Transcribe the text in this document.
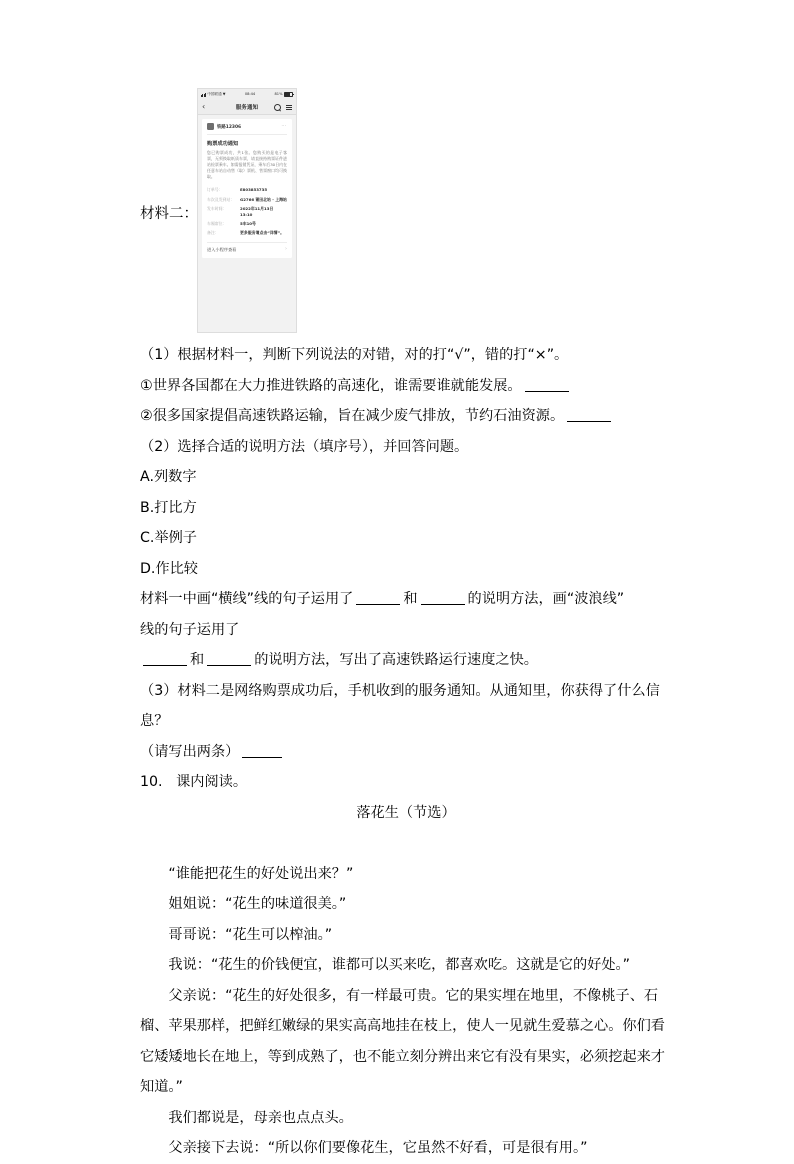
中国联通 ▼	08:44	81%
‹	服务通知
铁路12306	⋯
购票成功通知

您已购票成功，共1张。您购买的是电子客票，无须换取纸质车票，请直接持购票证件进站检票乘车。如需报销凭证，乘车后30日内在任意车站自动售（取）票机、售票窗口均可换取。

订单号：	E803853735
车次及发到站：	G2766 莆田北站 - 上海站
发车时间：	2022年11月13日 13:10
车厢席位：	5车10号
备注：	更多服务请点击“详情”。
进入小程序查看	›
材料二：

（1）根据材料一，判断下列说法的对错，对的打“√”，错的打“×”。

①世界各国都在大力推进铁路的高速化，谁需要谁就能发展。

②很多国家提倡高速铁路运输，旨在减少废气排放，节约石油资源。

（2）选择合适的说明方法（填序号），并回答问题。

A.列数字

B.打比方

C.举例子

D.作比较

材料一中画“横线”线的句子运用了	和	的说明方法，画“波浪线”

线的句子运用了

和	的说明方法，写出了高速铁路运行速度之快。

（3）材料二是网络购票成功后，手机收到的服务通知。从通知里，你获得了什么信息？

（请写出两条）

10. 课内阅读。

落花生（节选）

“谁能把花生的好处说出来？”

姐姐说：“花生的味道很美。”

哥哥说：“花生可以榨油。”

我说：“花生的价钱便宜，谁都可以买来吃，都喜欢吃。这就是它的好处。”

父亲说：“花生的好处很多，有一样最可贵。它的果实埋在地里，不像桃子、石榴、苹果那样，把鲜红嫩绿的果实高高地挂在枝上，使人一见就生爱慕之心。你们看它矮矮地长在地上，等到成熟了，也不能立刻分辨出来它有没有果实，必须挖起来才知道。”

我们都说是，母亲也点点头。

父亲接下去说：“所以你们要像花生，它虽然不好看，可是很有用。”
